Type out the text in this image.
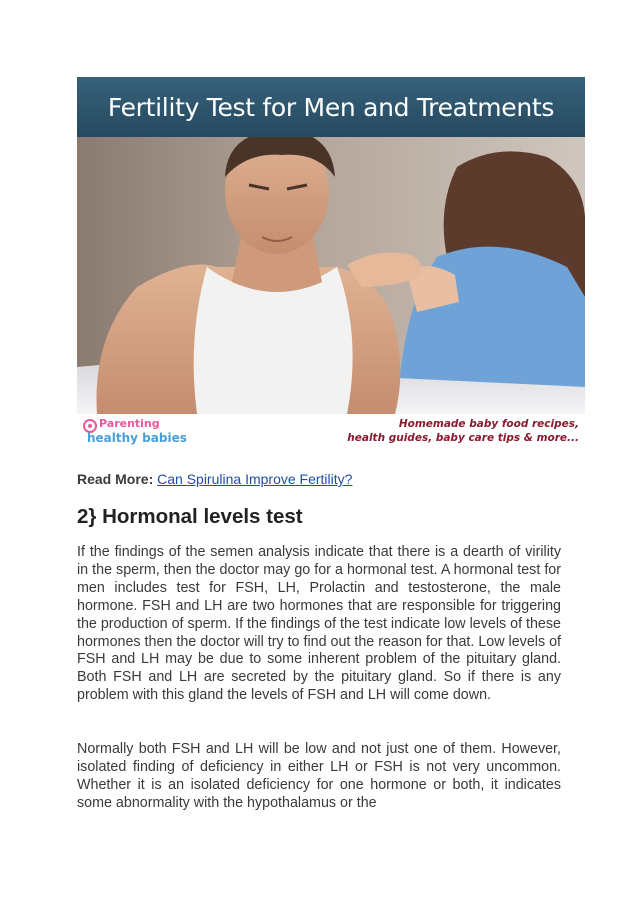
Fertility Test for Men and Treatments
Parenting
healthy babies
Homemade baby food recipes,
health guides, baby care tips & more...
Read More: Can Spirulina Improve Fertility?
2} Hormonal levels test

If the findings of the semen analysis indicate that there is a dearth of virility in the sperm, then the doctor may go for a hormonal test. A hormonal test for men includes test for FSH, LH, Prolactin and testosterone, the male hormone. FSH and LH are two hormones that are responsible for triggering the production of sperm. If the findings of the test indicate low levels of these hormones then the doctor will try to find out the reason for that. Low levels of FSH and LH may be due to some inherent problem of the pituitary gland. Both FSH and LH are secreted by the pituitary gland. So if there is any problem with this gland the levels of FSH and LH will come down.

Normally both FSH and LH will be low and not just one of them. However, isolated finding of deficiency in either LH or FSH is not very uncommon. Whether it is an isolated deficiency for one hormone or both, it indicates some abnormality with the hypothalamus or the
